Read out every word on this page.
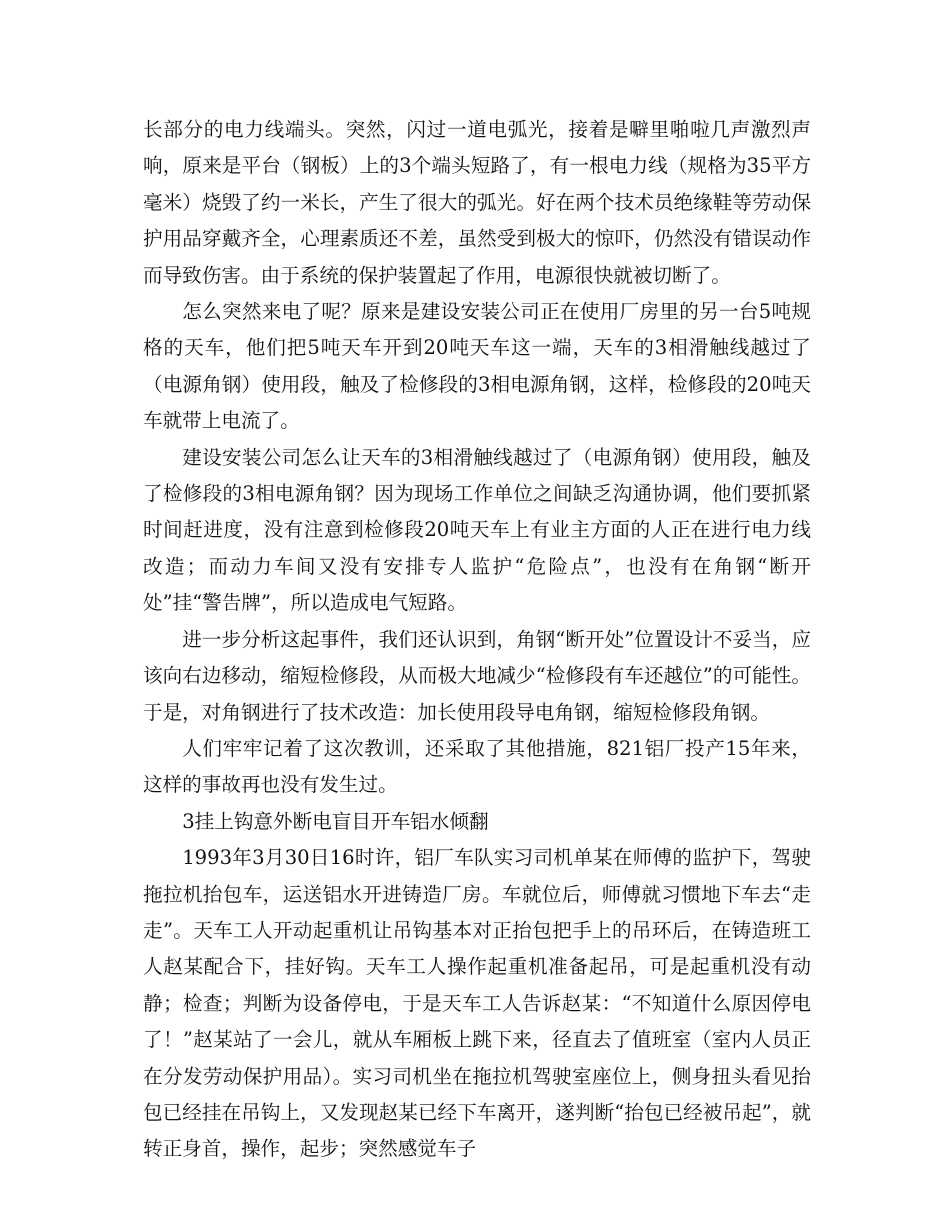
长部分的电力线端头。突然，闪过一道电弧光，接着是噼里啪啦几声激烈声响，原来是平台（钢板）上的3个端头短路了，有一根电力线（规格为35平方毫米）烧毁了约一米长，产生了很大的弧光。好在两个技术员绝缘鞋等劳动保护用品穿戴齐全，心理素质还不差，虽然受到极大的惊吓，仍然没有错误动作而导致伤害。由于系统的保护装置起了作用，电源很快就被切断了。

怎么突然来电了呢？原来是建设安装公司正在使用厂房里的另一台5吨规格的天车，他们把5吨天车开到20吨天车这一端，天车的3相滑触线越过了（电源角钢）使用段，触及了检修段的3相电源角钢，这样，检修段的20吨天车就带上电流了。

建设安装公司怎么让天车的3相滑触线越过了（电源角钢）使用段，触及了检修段的3相电源角钢？因为现场工作单位之间缺乏沟通协调，他们要抓紧时间赶进度，没有注意到检修段20吨天车上有业主方面的人正在进行电力线改造；而动力车间又没有安排专人监护“危险点”，也没有在角钢“断开处”挂“警告牌”，所以造成电气短路。

进一步分析这起事件，我们还认识到，角钢“断开处”位置设计不妥当，应该向右边移动，缩短检修段，从而极大地减少“检修段有车还越位”的可能性。于是，对角钢进行了技术改造：加长使用段导电角钢，缩短检修段角钢。

人们牢牢记着了这次教训，还采取了其他措施，821铝厂投产15年来，这样的事故再也没有发生过。

3挂上钩意外断电盲目开车铝水倾翻

1993年3月30日16时许，铝厂车队实习司机单某在师傅的监护下，驾驶拖拉机抬包车，运送铝水开进铸造厂房。车就位后，师傅就习惯地下车去“走走”。天车工人开动起重机让吊钩基本对正抬包把手上的吊环后，在铸造班工人赵某配合下，挂好钩。天车工人操作起重机准备起吊，可是起重机没有动静；检查；判断为设备停电，于是天车工人告诉赵某：“不知道什么原因停电了！”赵某站了一会儿，就从车厢板上跳下来，径直去了值班室（室内人员正在分发劳动保护用品）。实习司机坐在拖拉机驾驶室座位上，侧身扭头看见抬包已经挂在吊钩上，又发现赵某已经下车离开，遂判断“抬包已经被吊起”，就转正身首，操作，起步；突然感觉车子
